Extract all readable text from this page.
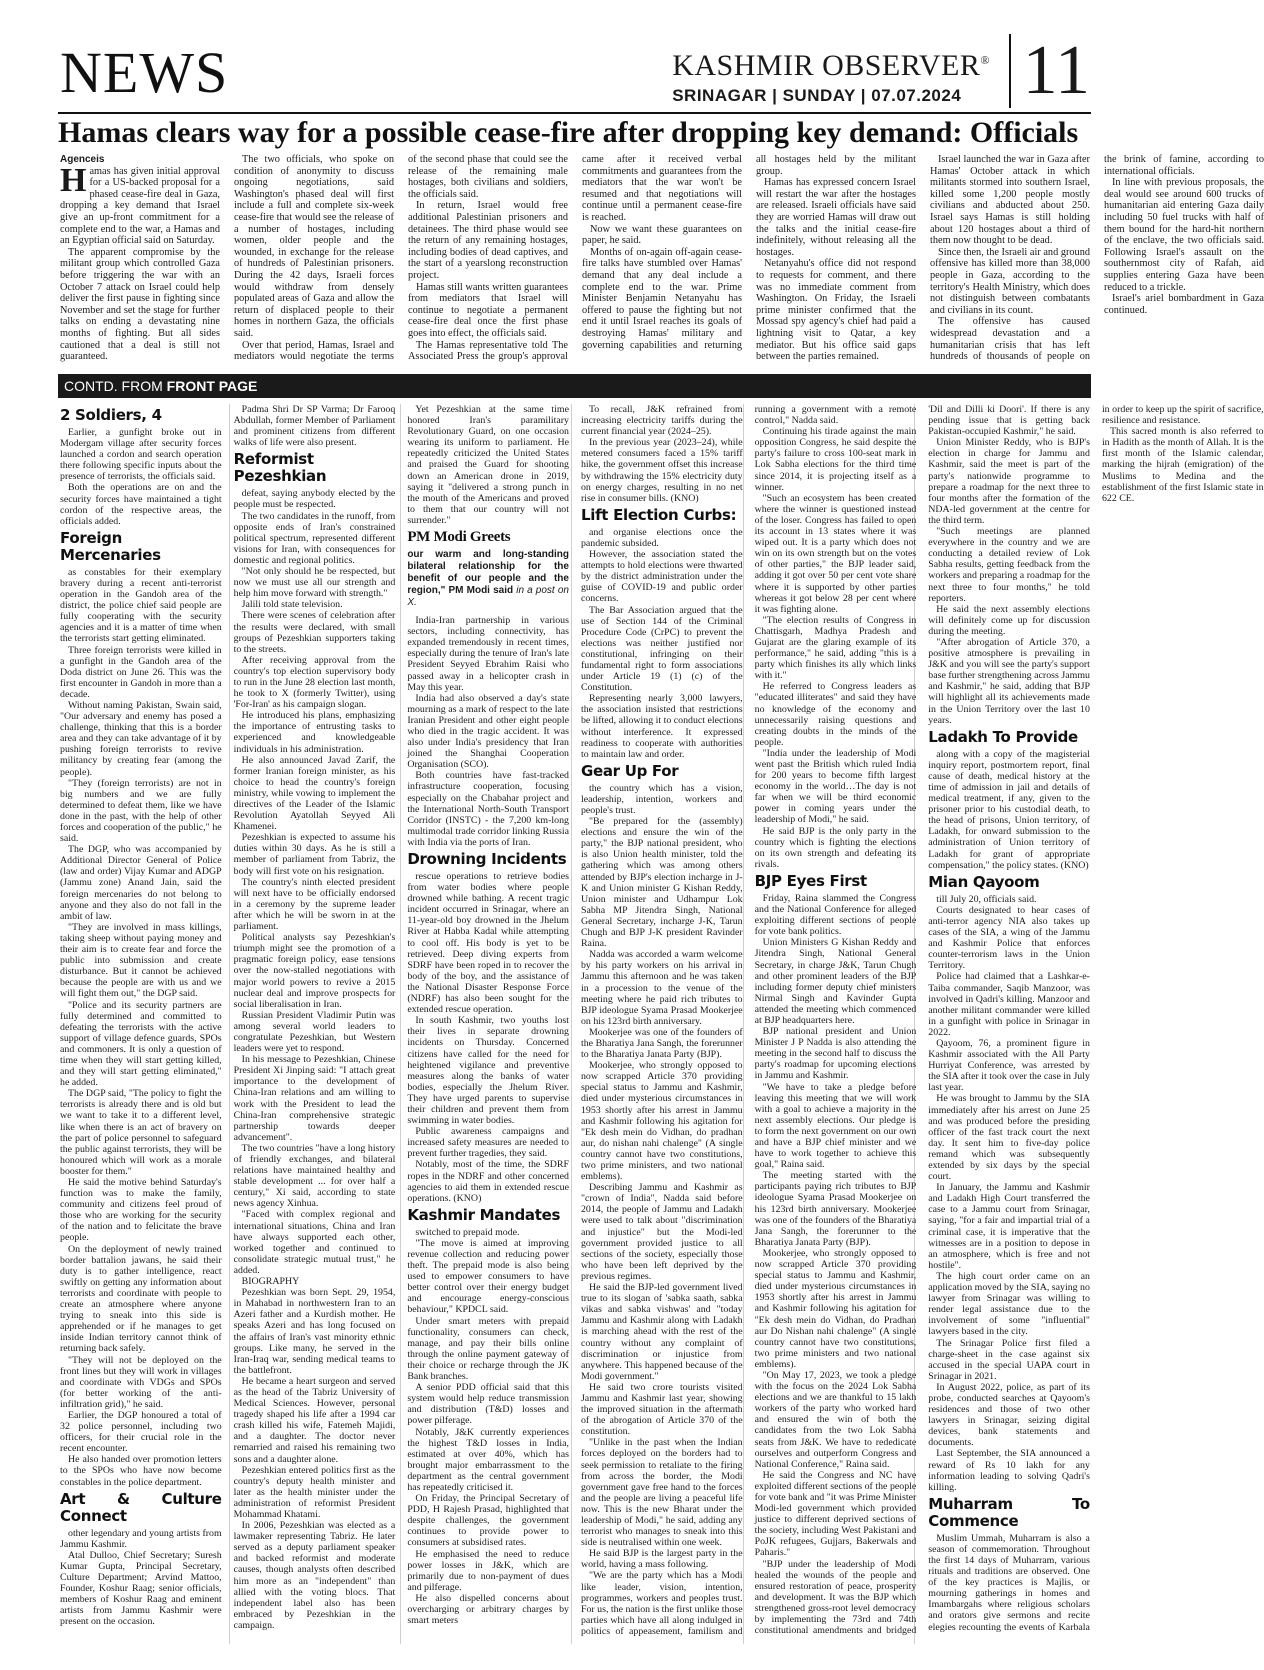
NEWS	KASHMIR OBSERVER®
SRINAGAR | SUNDAY | 07.07.2024 11
Hamas clears way for a possible cease-fire after dropping key demand: Officials

Agenceis

Hamas has given initial approval for a US-backed proposal for a phased cease-fire deal in Gaza, dropping a key demand that Israel give an up-front commitment for a complete end to the war, a Hamas and an Egyptian official said on Saturday.

The apparent compromise by the militant group which controlled Gaza before triggering the war with an October 7 attack on Israel could help deliver the first pause in fighting since November and set the stage for further talks on ending a devastating nine months of fighting. But all sides cautioned that a deal is still not guaranteed.

The two officials, who spoke on condition of anonymity to discuss ongoing negotiations, said Washington's phased deal will first include a full and complete six-week cease-fire that would see the release of a number of hostages, including women, older people and the wounded, in exchange for the release of hundreds of Palestinian prisoners. During the 42 days, Israeli forces would withdraw from densely populated areas of Gaza and allow the return of displaced people to their homes in northern Gaza, the officials said.

Over that period, Hamas, Israel and mediators would negotiate the terms of the second phase that could see the release of the remaining male hostages, both civilians and soldiers, the officials said.

In return, Israel would free additional Palestinian prisoners and detainees. The third phase would see the return of any remaining hostages, including bodies of dead captives, and the start of a yearslong reconstruction project.

Hamas still wants written guarantees from mediators that Israel will continue to negotiate a permanent cease-fire deal once the first phase goes into effect, the officials said.

The Hamas representative told The Associated Press the group's approval came after it received verbal commitments and guarantees from the mediators that the war won't be resumed and that negotiations will continue until a permanent cease-fire is reached.

Now we want these guarantees on paper, he said.

Months of on-again off-again cease-fire talks have stumbled over Hamas' demand that any deal include a complete end to the war. Prime Minister Benjamin Netanyahu has offered to pause the fighting but not end it until Israel reaches its goals of destroying Hamas' military and governing capabilities and returning all hostages held by the militant group.

Hamas has expressed concern Israel will restart the war after the hostages are released. Israeli officials have said they are worried Hamas will draw out the talks and the initial cease-fire indefinitely, without releasing all the hostages.

Netanyahu's office did not respond to requests for comment, and there was no immediate comment from Washington. On Friday, the Israeli prime minister confirmed that the Mossad spy agency's chief had paid a lightning visit to Qatar, a key mediator. But his office said gaps between the parties remained.

Israel launched the war in Gaza after Hamas' October attack in which militants stormed into southern Israel, killed some 1,200 people mostly civilians and abducted about 250. Israel says Hamas is still holding about 120 hostages about a third of them now thought to be dead.

Since then, the Israeli air and ground offensive has killed more than 38,000 people in Gaza, according to the territory's Health Ministry, which does not distinguish between combatants and civilians in its count.

The offensive has caused widespread devastation and a humanitarian crisis that has left hundreds of thousands of people on the brink of famine, according to international officials.

In line with previous proposals, the deal would see around 600 trucks of humanitarian aid entering Gaza daily including 50 fuel trucks with half of them bound for the hard-hit northern of the enclave, the two officials said. Following Israel's assault on the southernmost city of Rafah, aid supplies entering Gaza have been reduced to a trickle.

Israel's ariel bombardment in Gaza continued.

CONTD. FROM FRONT PAGE
2 Soldiers, 4

Earlier, a gunfight broke out in Modergam village after security forces launched a cordon and search operation there following specific inputs about the presence of terrorists, the officials said.

Both the operations are on and the security forces have maintained a tight cordon of the respective areas, the officials added.

Foreign Mercenaries

as constables for their exemplary bravery during a recent anti-terrorist operation in the Gandoh area of the district, the police chief said people are fully cooperating with the security agencies and it is a matter of time when the terrorists start getting eliminated.

Three foreign terrorists were killed in a gunfight in the Gandoh area of the Doda district on June 26. This was the first encounter in Gandoh in more than a decade.

Without naming Pakistan, Swain said, "Our adversary and enemy has posed a challenge, thinking that this is a border area and they can take advantage of it by pushing foreign terrorists to revive militancy by creating fear (among the people).

"They (foreign terrorists) are not in big numbers and we are fully determined to defeat them, like we have done in the past, with the help of other forces and cooperation of the public," he said.

The DGP, who was accompanied by Additional Director General of Police (law and order) Vijay Kumar and ADGP (Jammu zone) Anand Jain, said the foreign mercenaries do not belong to anyone and they also do not fall in the ambit of law.

"They are involved in mass killings, taking sheep without paying money and their aim is to create fear and force the public into submission and create disturbance. But it cannot be achieved because the people are with us and we will fight them out," the DGP said.

"Police and its security partners are fully determined and committed to defeating the terrorists with the active support of village defence guards, SPOs and commoners. It is only a question of time when they will start getting killed, and they will start getting eliminated," he added.

The DGP said, "The policy to fight the terrorists is already there and is old but we want to take it to a different level, like when there is an act of bravery on the part of police personnel to safeguard the public against terrorists, they will be honoured which will work as a morale booster for them."

He said the motive behind Saturday's function was to make the family, community and citizens feel proud of those who are working for the security of the nation and to felicitate the brave people.

On the deployment of newly trained border battalion jawans, he said their duty is to gather intelligence, react swiftly on getting any information about terrorists and coordinate with people to create an atmosphere where anyone trying to sneak into this side is apprehended or if he manages to get inside Indian territory cannot think of returning back safely.

"They will not be deployed on the front lines but they will work in villages and coordinate with VDGs and SPOs (for better working of the anti-infiltration grid)," he said.

Earlier, the DGP honoured a total of 32 police personnel, including two officers, for their crucial role in the recent encounter.

He also handed over promotion letters to the SPOs who have now become constables in the police department.

Art & Culture Connect

other legendary and young artists from Jammu Kashmir.

Atal Dulloo, Chief Secretary; Suresh Kumar Gupta, Principal Secretary, Culture Department; Arvind Mattoo, Founder, Koshur Raag; senior officials, members of Koshur Raag and eminent artists from Jammu Kashmir were present on the occasion.

Padma Shri Dr SP Varma; Dr Farooq Abdullah, former Member of Parliament and prominent citizens from different walks of life were also present.

Reformist Pezeshkian

defeat, saying anybody elected by the people must be respected.

The two candidates in the runoff, from opposite ends of Iran's constrained political spectrum, represented different visions for Iran, with consequences for domestic and regional politics.

"Not only should he be respected, but now we must use all our strength and help him move forward with strength."

Jalili told state television.

There were scenes of celebration after the results were declared, with small groups of Pezeshkian supporters taking to the streets.

After receiving approval from the country's top election supervisory body to run in the June 28 election last month, he took to X (formerly Twitter), using 'For-Iran' as his campaign slogan.

He introduced his plans, emphasizing the importance of entrusting tasks to experienced and knowledgeable individuals in his administration.

He also announced Javad Zarif, the former Iranian foreign minister, as his choice to head the country's foreign ministry, while vowing to implement the directives of the Leader of the Islamic Revolution Ayatollah Seyyed Ali Khamenei.

Pezeshkian is expected to assume his duties within 30 days. As he is still a member of parliament from Tabriz, the body will first vote on his resignation.

The country's ninth elected president will next have to be officially endorsed in a ceremony by the supreme leader after which he will be sworn in at the parliament.

Political analysts say Pezeshkian's triumph might see the promotion of a pragmatic foreign policy, ease tensions over the now-stalled negotiations with major world powers to revive a 2015 nuclear deal and improve prospects for social liberalisation in Iran.

Russian President Vladimir Putin was among several world leaders to congratulate Pezeshkian, but Western leaders were yet to respond.

In his message to Pezeshkian, Chinese President Xi Jinping said: "I attach great importance to the development of China-Iran relations and am willing to work with the President to lead the China-Iran comprehensive strategic partnership towards deeper advancement".

The two countries "have a long history of friendly exchanges, and bilateral relations have maintained healthy and stable development ... for over half a century," Xi said, according to state news agency Xinhua.

"Faced with complex regional and international situations, China and Iran have always supported each other, worked together and continued to consolidate strategic mutual trust," he added.

BIOGRAPHY

Pezeshkian was born Sept. 29, 1954, in Mahabad in northwestern Iran to an Azeri father and a Kurdish mother. He speaks Azeri and has long focused on the affairs of Iran's vast minority ethnic groups. Like many, he served in the Iran-Iraq war, sending medical teams to the battlefront.

He became a heart surgeon and served as the head of the Tabriz University of Medical Sciences. However, personal tragedy shaped his life after a 1994 car crash killed his wife, Fatemeh Majidi, and a daughter. The doctor never remarried and raised his remaining two sons and a daughter alone.

Pezeshkian entered politics first as the country's deputy health minister and later as the health minister under the administration of reformist President Mohammad Khatami.

In 2006, Pezeshkian was elected as a lawmaker representing Tabriz. He later served as a deputy parliament speaker and backed reformist and moderate causes, though analysts often described him more as an "independent" than allied with the voting blocs. That independent label also has been embraced by Pezeshkian in the campaign.

Yet Pezeshkian at the same time honored Iran's paramilitary Revolutionary Guard, on one occasion wearing its uniform to parliament. He repeatedly criticized the United States and praised the Guard for shooting down an American drone in 2019, saying it "delivered a strong punch in the mouth of the Americans and proved to them that our country will not surrender."

PM Modi Greets
our warm and long-standing bilateral relationship for the benefit of our people and the region," PM Modi said in a post on X.

India-Iran partnership in various sectors, including connectivity, has expanded tremendously in recent times, especially during the tenure of Iran's late President Seyyed Ebrahim Raisi who passed away in a helicopter crash in May this year.

India had also observed a day's state mourning as a mark of respect to the late Iranian President and other eight people who died in the tragic accident. It was also under India's presidency that Iran joined the Shanghai Cooperation Organisation (SCO).

Both countries have fast-tracked infrastructure cooperation, focusing especially on the Chabahar project and the International North-South Transport Corridor (INSTC) - the 7,200 km-long multimodal trade corridor linking Russia with India via the ports of Iran.

Drowning Incidents

rescue operations to retrieve bodies from water bodies where people drowned while bathing. A recent tragic incident occurred in Srinagar, where an 11-year-old boy drowned in the Jhelum River at Habba Kadal while attempting to cool off. His body is yet to be retrieved. Deep diving experts from SDRF have been roped in to recover the body of the boy, and the assistance of the National Disaster Response Force (NDRF) has also been sought for the extended rescue operation.

In south Kashmir, two youths lost their lives in separate drowning incidents on Thursday. Concerned citizens have called for the need for heightened vigilance and preventive measures along the banks of water bodies, especially the Jhelum River. They have urged parents to supervise their children and prevent them from swimming in water bodies.

Public awareness campaigns and increased safety measures are needed to prevent further tragedies, they said.

Notably, most of the time, the SDRF ropes in the NDRF and other concerned agencies to aid them in extended rescue operations. (KNO)

Kashmir Mandates

switched to prepaid mode.

"The move is aimed at improving revenue collection and reducing power theft. The prepaid mode is also being used to empower consumers to have better control over their energy budget and encourage energy-conscious behaviour," KPDCL said.

Under smart meters with prepaid functionality, consumers can check, manage, and pay their bills online through the online payment gateway of their choice or recharge through the JK Bank branches.

A senior PDD official said that this system would help reduce transmission and distribution (T&D) losses and power pilferage.

Notably, J&K currently experiences the highest T&D losses in India, estimated at over 40%, which has brought major embarrassment to the department as the central government has repeatedly criticised it.

On Friday, the Principal Secretary of PDD, H Rajesh Prasad, highlighted that despite challenges, the government continues to provide power to consumers at subsidised rates.

He emphasised the need to reduce power losses in J&K, which are primarily due to non-payment of dues and pilferage.

He also dispelled concerns about overcharging or arbitrary charges by smart meters

To recall, J&K refrained from increasing electricity tariffs during the current financial year (2024–25).

In the previous year (2023–24), while metered consumers faced a 15% tariff hike, the government offset this increase by withdrawing the 15% electricity duty on energy charges, resulting in no net rise in consumer bills. (KNO)

Lift Election Curbs:

and organise elections once the pandemic subsided.

However, the association stated the attempts to hold elections were thwarted by the district administration under the guise of COVID-19 and public order concerns.

The Bar Association argued that the use of Section 144 of the Criminal Procedure Code (CrPC) to prevent the elections was neither justified nor constitutional, infringing on their fundamental right to form associations under Article 19 (1) (c) of the Constitution.

Representing nearly 3,000 lawyers, the association insisted that restrictions be lifted, allowing it to conduct elections without interference. It expressed readiness to cooperate with authorities to maintain law and order.

Gear Up For

the country which has a vision, leadership, intention, workers and people's trust.

"Be prepared for the (assembly) elections and ensure the win of the party," the BJP national president, who is also Union health minister, told the gathering which was among others attended by BJP's election incharge in J-K and Union minister G Kishan Reddy, Union minister and Udhampur Lok Sabha MP Jitendra Singh, National General Secretary, incharge J-K, Tarun Chugh and BJP J-K president Ravinder Raina.

Nadda was accorded a warm welcome by his party workers on his arrival in Jammu this afternoon and he was taken in a procession to the venue of the meeting where he paid rich tributes to BJP ideologue Syama Prasad Mookerjee on his 123rd birth anniversary.

Mookerjee was one of the founders of the Bharatiya Jana Sangh, the forerunner to the Bharatiya Janata Party (BJP).

Mookerjee, who strongly opposed to now scrapped Article 370 providing special status to Jammu and Kashmir, died under mysterious circumstances in 1953 shortly after his arrest in Jammu and Kashmir following his agitation for "Ek desh mein do Vidhan, do pradhan aur, do nishan nahi chalenge" (A single country cannot have two constitutions, two prime ministers, and two national emblems).

Describing Jammu and Kashmir as "crown of India", Nadda said before 2014, the people of Jammu and Ladakh were used to talk about "discrimination and injustice" but the Modi-led government provided justice to all sections of the society, especially those who have been left deprived by the previous regimes.

He said the BJP-led government lived true to its slogan of 'sabka saath, sabka vikas and sabka vishwas' and "today Jammu and Kashmir along with Ladakh is marching ahead with the rest of the country without any complaint of discrimination or injustice from anywhere. This happened because of the Modi government."

He said two crore tourists visited Jammu and Kashmir last year, showing the improved situation in the aftermath of the abrogation of Article 370 of the constitution.

"Unlike in the past when the Indian forces deployed on the borders had to seek permission to retaliate to the firing from across the border, the Modi government gave free hand to the forces and the people are living a peaceful life now. This is the new Bharat under the leadership of Modi," he said, adding any terrorist who manages to sneak into this side is neutralised within one week.

He said BJP is the largest party in the world, having a mass following.

"We are the party which has a Modi like leader, vision, intention, programmes, workers and peoples trust. For us, the nation is the first unlike those parties which have all along indulged in politics of appeasement, familism and running a government with a remote control," Nadda said.

Continuing his tirade against the main opposition Congress, he said despite the party's failure to cross 100-seat mark in Lok Sabha elections for the third time since 2014, it is projecting itself as a winner.

"Such an ecosystem has been created where the winner is questioned instead of the loser. Congress has failed to open its account in 13 states where it was wiped out. It is a party which does not win on its own strength but on the votes of other parties," the BJP leader said, adding it got over 50 per cent vote share where it is supported by other parties whereas it got below 28 per cent where it was fighting alone.

"The election results of Congress in Chattisgarh, Madhya Pradesh and Gujarat are the glaring example of its performance," he said, adding "this is a party which finishes its ally which links with it."

He referred to Congress leaders as "educated illiterates" and said they have no knowledge of the economy and unnecessarily raising questions and creating doubts in the minds of the people.

"India under the leadership of Modi went past the British which ruled India for 200 years to become fifth largest economy in the world…The day is not far when we will be third economic power in coming years under the leadership of Modi," he said.

He said BJP is the only party in the country which is fighting the elections on its own strength and defeating its rivals.

BJP Eyes First

Friday, Raina slammed the Congress and the National Conference for alleged exploiting different sections of people for vote bank politics.

Union Ministers G Kishan Reddy and Jitendra Singh, National General Secretary, in charge J&K, Tarun Chugh and other prominent leaders of the BJP including former deputy chief ministers Nirmal Singh and Kavinder Gupta attended the meeting which commenced at BJP headquarters here.

BJP national president and Union Minister J P Nadda is also attending the meeting in the second half to discuss the party's roadmap for upcoming elections in Jammu and Kashmir.

"We have to take a pledge before leaving this meeting that we will work with a goal to achieve a majority in the next assembly elections. Our pledge is to form the next government on our own and have a BJP chief minister and we have to work together to achieve this goal," Raina said.

The meeting started with the participants paying rich tributes to BJP ideologue Syama Prasad Mookerjee on his 123rd birth anniversary. Mookerjee was one of the founders of the Bharatiya Jana Sangh, the forerunner to the Bharatiya Janata Party (BJP).

Mookerjee, who strongly opposed to now scrapped Article 370 providing special status to Jammu and Kashmir, died under mysterious circumstances in 1953 shortly after his arrest in Jammu and Kashmir following his agitation for "Ek desh mein do Vidhan, do Pradhan aur Do Nishan nahi chalenge" (A single country cannot have two constitutions, two prime ministers and two national emblems).

"On May 17, 2023, we took a pledge with the focus on the 2024 Lok Sabha elections and we are thankful to 15 lakh workers of the party who worked hard and ensured the win of both the candidates from the two Lok Sabha seats from J&K. We have to rededicate ourselves and outperform Congress and National Conference," Raina said.

He said the Congress and NC have exploited different sections of the people for vote bank and "it was Prime Minister Modi-led government which provided justice to different deprived sections of the society, including West Pakistani and PoJK refugees, Gujjars, Bakerwals and Paharis."

"BJP under the leadership of Modi healed the wounds of the people and ensured restoration of peace, prosperity and development. It was the BJP which strengthened gross-root level democracy by implementing the 73rd and 74th constitutional amendments and bridged 'Dil and Dilli ki Doori'. If there is any pending issue that is getting back Pakistan-occupied Kashmir," he said.

Union Minister Reddy, who is BJP's election in charge for Jammu and Kashmir, said the meet is part of the party's nationwide programme to prepare a roadmap for the next three to four months after the formation of the NDA-led government at the centre for the third term.

"Such meetings are planned everywhere in the country and we are conducting a detailed review of Lok Sabha results, getting feedback from the workers and preparing a roadmap for the next three to four months," he told reporters.

He said the next assembly elections will definitely come up for discussion during the meeting.

"After abrogation of Article 370, a positive atmosphere is prevailing in J&K and you will see the party's support base further strengthening across Jammu and Kashmir," he said, adding that BJP will highlight all its achievements made in the Union Territory over the last 10 years.

Ladakh To Provide

along with a copy of the magisterial inquiry report, postmortem report, final cause of death, medical history at the time of admission in jail and details of medical treatment, if any, given to the prisoner prior to his custodial death, to the head of prisons, Union territory, of Ladakh, for onward submission to the administration of Union territory of Ladakh for grant of appropriate compensation," the policy states. (KNO)

Mian Qayoom

till July 20, officials said.

Courts designated to hear cases of anti-terror agency NIA also takes up cases of the SIA, a wing of the Jammu and Kashmir Police that enforces counter-terrorism laws in the Union Territory.

Police had claimed that a Lashkar-e-Taiba commander, Saqib Manzoor, was involved in Qadri's killing. Manzoor and another militant commander were killed in a gunfight with police in Srinagar in 2022.

Qayoom, 76, a prominent figure in Kashmir associated with the All Party Hurriyat Conference, was arrested by the SIA after it took over the case in July last year.

He was brought to Jammu by the SIA immediately after his arrest on June 25 and was produced before the presiding officer of the fast track court the next day. It sent him to five-day police remand which was subsequently extended by six days by the special court.

In January, the Jammu and Kashmir and Ladakh High Court transferred the case to a Jammu court from Srinagar, saying, "for a fair and impartial trial of a criminal case, it is imperative that the witnesses are in a position to depose in an atmosphere, which is free and not hostile".

The high court order came on an application moved by the SIA, saying no lawyer from Srinagar was willing to render legal assistance due to the involvement of some "influential" lawyers based in the city.

The Srinagar Police first filed a charge-sheet in the case against six accused in the special UAPA court in Srinagar in 2021.

In August 2022, police, as part of its probe, conducted searches at Qayoom's residences and those of two other lawyers in Srinagar, seizing digital devices, bank statements and documents.

Last September, the SIA announced a reward of Rs 10 lakh for any information leading to solving Qadri's killing.

Muharram To Commence

Muslim Ummah, Muharram is also a season of commemoration. Throughout the first 14 days of Muharram, various rituals and traditions are observed. One of the key practices is Majlis, or mourning gatherings in homes and Imambargahs where religious scholars and orators give sermons and recite elegies recounting the events of Karbala in order to keep up the spirit of sacrifice, resilience and resistance.

This sacred month is also referred to in Hadith as the month of Allah. It is the first month of the Islamic calendar, marking the hijrah (emigration) of the Muslims to Medina and the establishment of the first Islamic state in 622 CE.
